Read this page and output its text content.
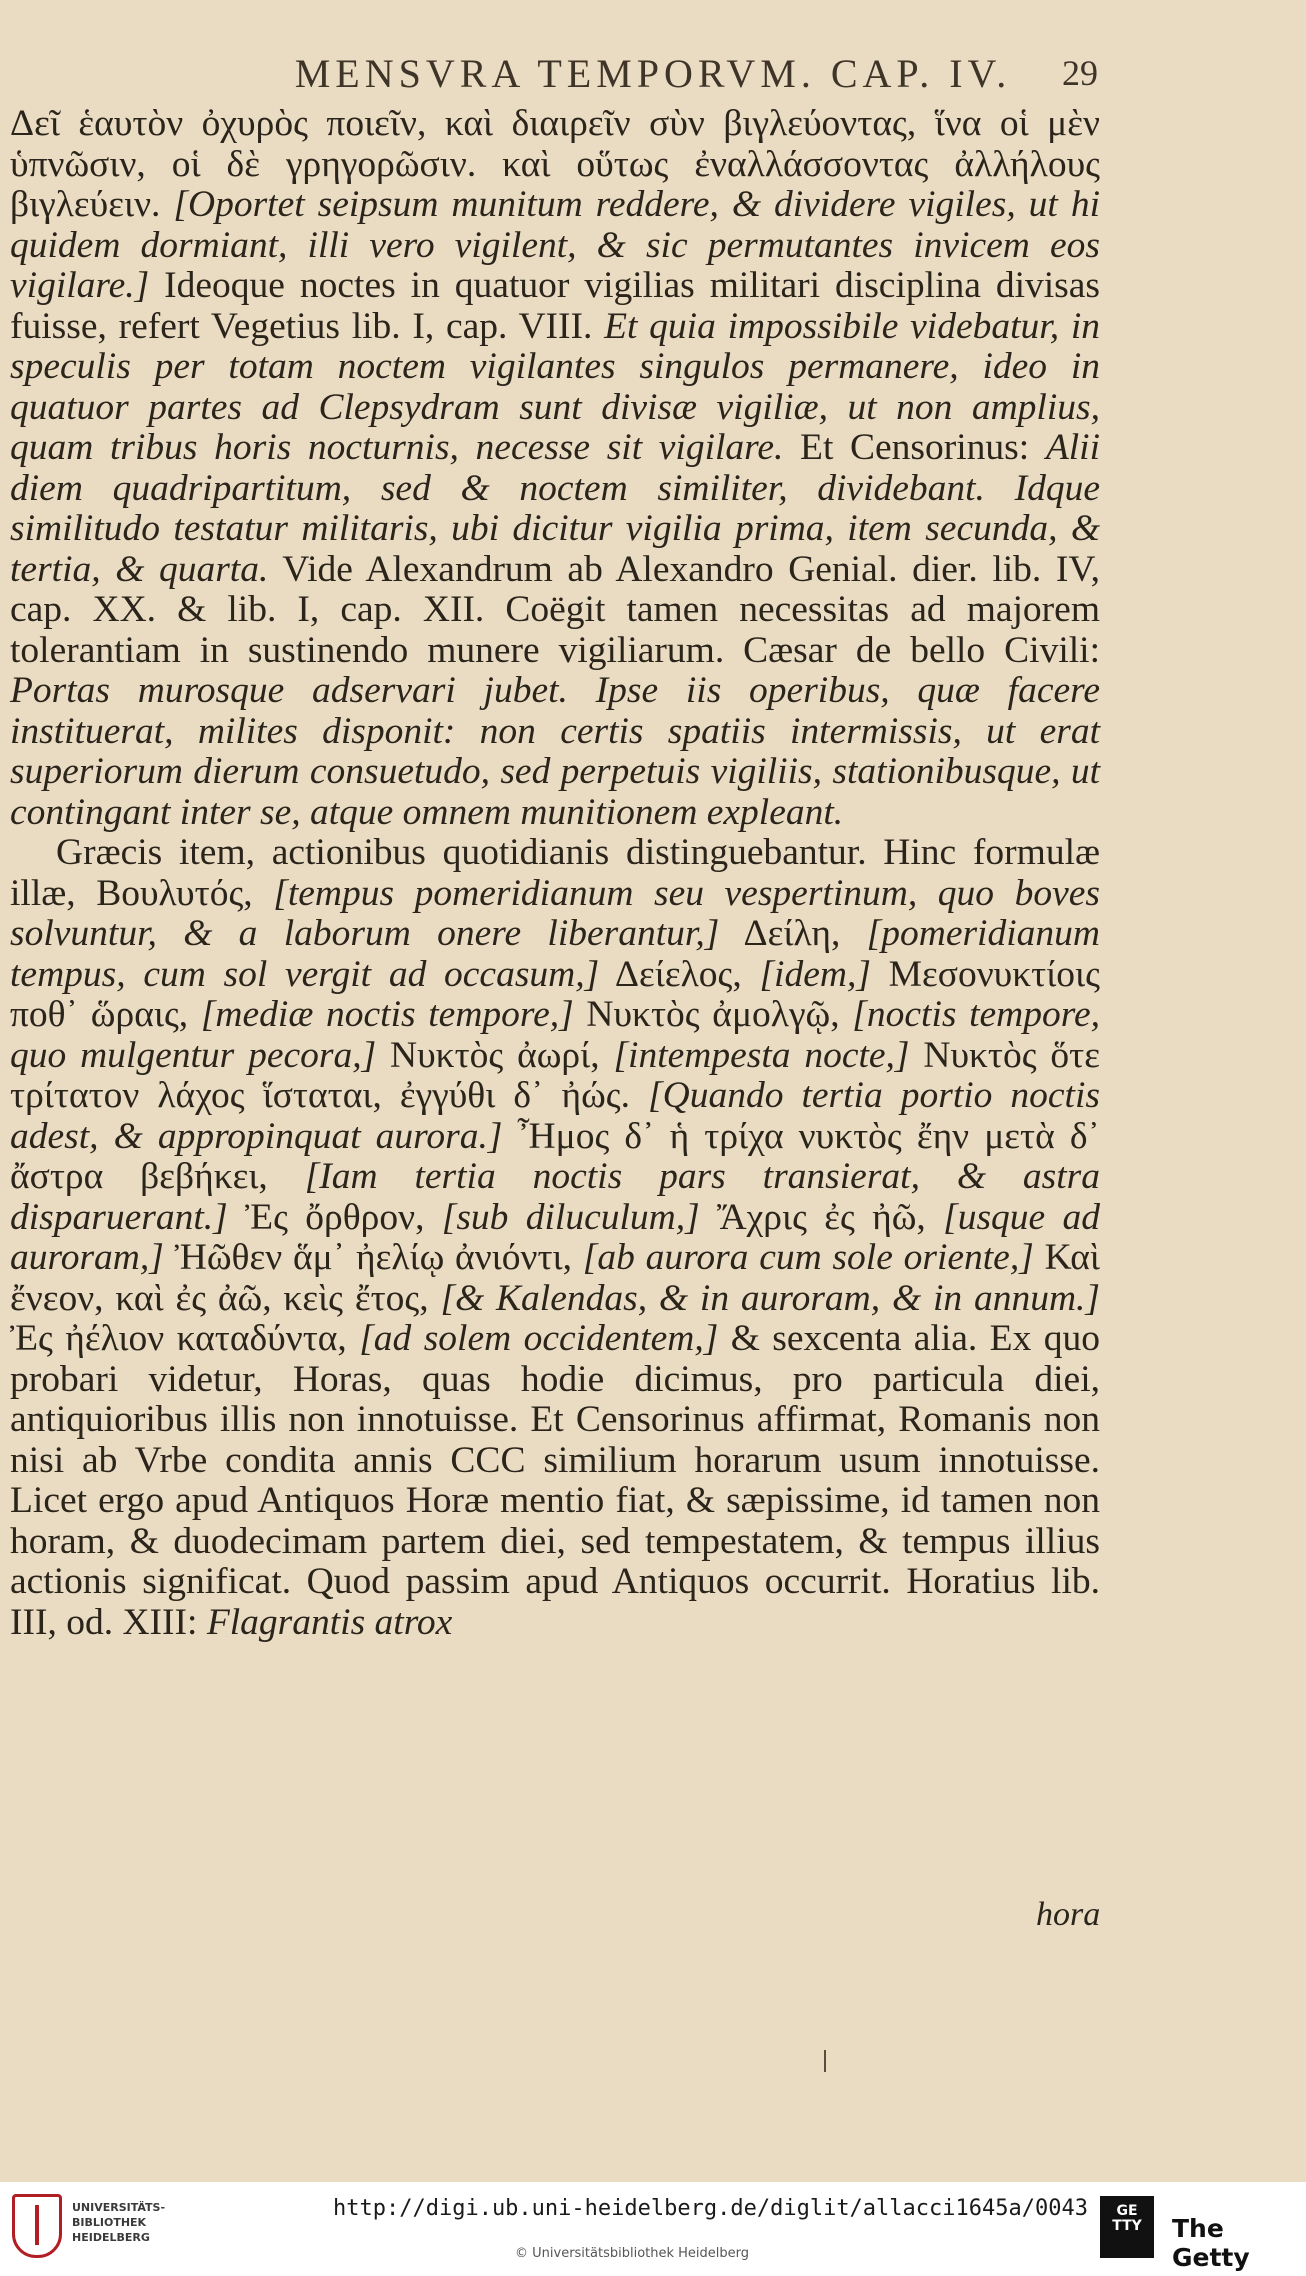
MENSVRA TEMPORVM. CAP. IV.	29

Δεῖ ἑαυτὸν ὀχυρὸς ποιεῖν, καὶ διαιρεῖν σὺν βιγλεύοντας, ἵνα οἱ μὲν ὑπνῶσιν, οἱ δὲ γρηγορῶσιν. καὶ οὕτως ἐναλλάσσοντας ἀλλήλους βιγλεύειν. [Oportet seipsum munitum reddere, & dividere vigiles, ut hi quidem dormiant, illi vero vigilent, & sic permutantes invicem eos vigilare.] Ideoque noctes in quatuor vigilias militari disciplina divisas fuisse, refert Vegetius lib. I, cap. VIII. Et quia impossibile videbatur, in speculis per totam noctem vigilantes singulos permanere, ideo in quatuor partes ad Clepsydram sunt divisæ vigiliæ, ut non amplius, quam tribus horis nocturnis, necesse sit vigilare. Et Censorinus: Alii diem quadripartitum, sed & noctem similiter, dividebant. Idque similitudo testatur militaris, ubi dicitur vigilia prima, item secunda, & tertia, & quarta. Vide Alexandrum ab Alexandro Genial. dier. lib. IV, cap. XX. & lib. I, cap. XII. Coëgit tamen necessitas ad majorem tolerantiam in sustinendo munere vigiliarum. Cæsar de bello Civili: Portas murosque adservari jubet. Ipse iis operibus, quæ facere instituerat, milites disponit: non certis spatiis intermissis, ut erat superiorum dierum consuetudo, sed perpetuis vigiliis, stationibusque, ut contingant inter se, atque omnem munitionem expleant.

Græcis item, actionibus quotidianis distinguebantur. Hinc formulæ illæ, Βουλυτός, [tempus pomeridianum seu vespertinum, quo boves solvuntur, & a laborum onere liberantur,] Δείλη, [pomeridianum tempus, cum sol vergit ad occasum,] Δείελος, [idem,] Μεσονυκτίοις ποθ᾽ ὥραις, [mediæ noctis tempore,] Νυκτὸς ἀμολγῷ, [noctis tempore, quo mulgentur pecora,] Νυκτὸς ἀωρί, [intempesta nocte,] Νυκτὸς ὅτε τρίτατον λάχος ἵσταται, ἐγγύθι δ᾽ ἠώς. [Quando tertia portio noctis adest, & appropinquat aurora.] Ἦμος δ᾽ ἡ τρίχα νυκτὸς ἔην μετὰ δ᾽ ἄστρα βεβήκει, [Iam tertia noctis pars transierat, & astra disparuerant.] Ἐς ὄρθρον, [sub diluculum,] Ἄχρις ἐς ἠῶ, [usque ad auroram,] Ἠῶθεν ἅμ᾽ ἠελίῳ ἀνιόντι, [ab aurora cum sole oriente,] Καὶ ἔνεον, καὶ ἐς ἀῶ, κεὶς ἔτος, [& Kalendas, & in auroram, & in annum.] Ἐς ἠέλιον καταδύντα, [ad solem occidentem,] & sexcenta alia. Ex quo probari videtur, Horas, quas hodie dicimus, pro particula diei, antiquioribus illis non innotuisse. Et Censorinus affirmat, Romanis non nisi ab Vrbe condita annis CCC similium horarum usum innotuisse. Licet ergo apud Antiquos Horæ mentio fiat, & sæpissime, id tamen non horam, & duodecimam partem diei, sed tempestatem, & tempus illius actionis significat. Quod passim apud Antiquos occurrit. Horatius lib. III, od. XIII: Flagrantis atrox

hora
UNIVERSITÄTS-
BIBLIOTHEK
HEIDELBERG
http://digi.ub.uni-heidelberg.de/diglit/allacci1645a/0043
© Universitätsbibliothek Heidelberg
GE
TTY	The Getty
